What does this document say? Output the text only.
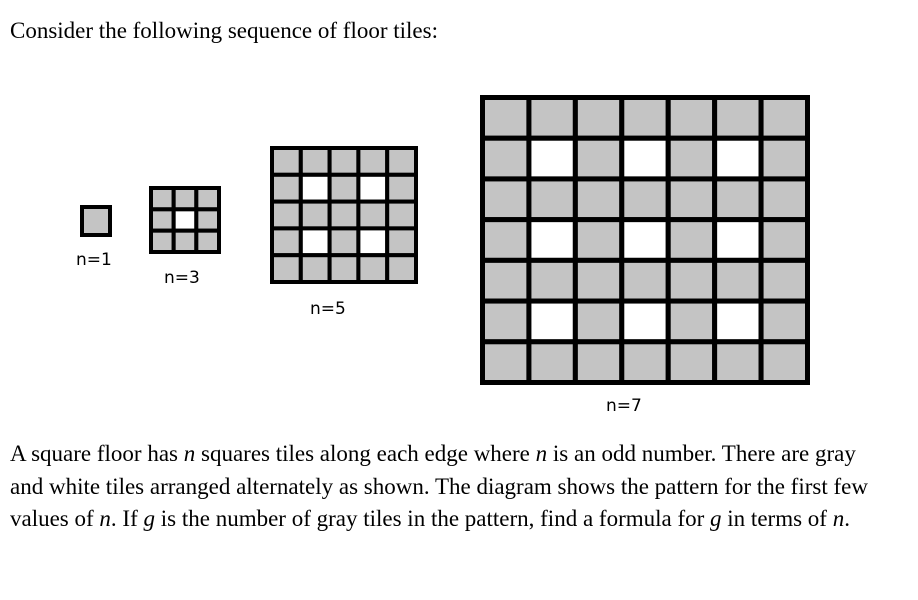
Consider the following sequence of floor tiles:

n=1
n=3
n=5
n=7

A square floor has n squares tiles along each edge where n is an odd number. There are gray and white tiles arranged alternately as shown. The diagram shows the pattern for the first few values of n. If g is the number of gray tiles in the pattern, find a formula for g in terms of n.
